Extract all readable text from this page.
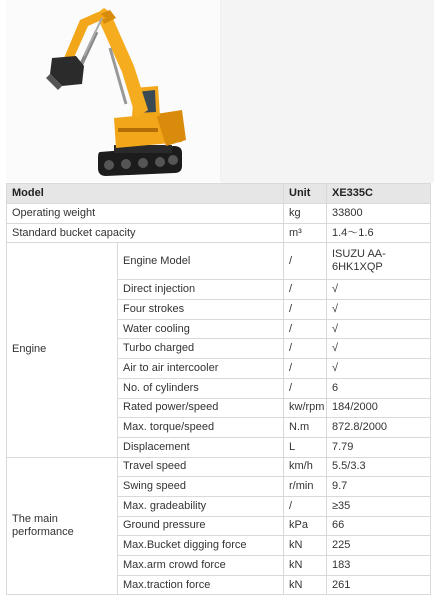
Model		Unit	XE335C
Operating weight		kg	33800
Standard bucket capacity		m³	1.4～1.6
Engine	Engine Model	/	ISUZU AA-6HK1XQP
	Direct injection	/	√
	Four strokes	/	√
	Water cooling	/	√
	Turbo charged	/	√
	Air to air intercooler	/	√
	No. of cylinders	/	6
	Rated power/speed	kw/rpm	184/2000
	Max. torque/speed	N.m	872.8/2000
	Displacement	L	7.79
The main performance	Travel speed	km/h	5.5/3.3
	Swing speed	r/min	9.7
	Max. gradeability	/	≥35
	Ground pressure	kPa	66
	Max.Bucket digging force	kN	225
	Max.arm crowd force	kN	183
	Max.traction force	kN	261
